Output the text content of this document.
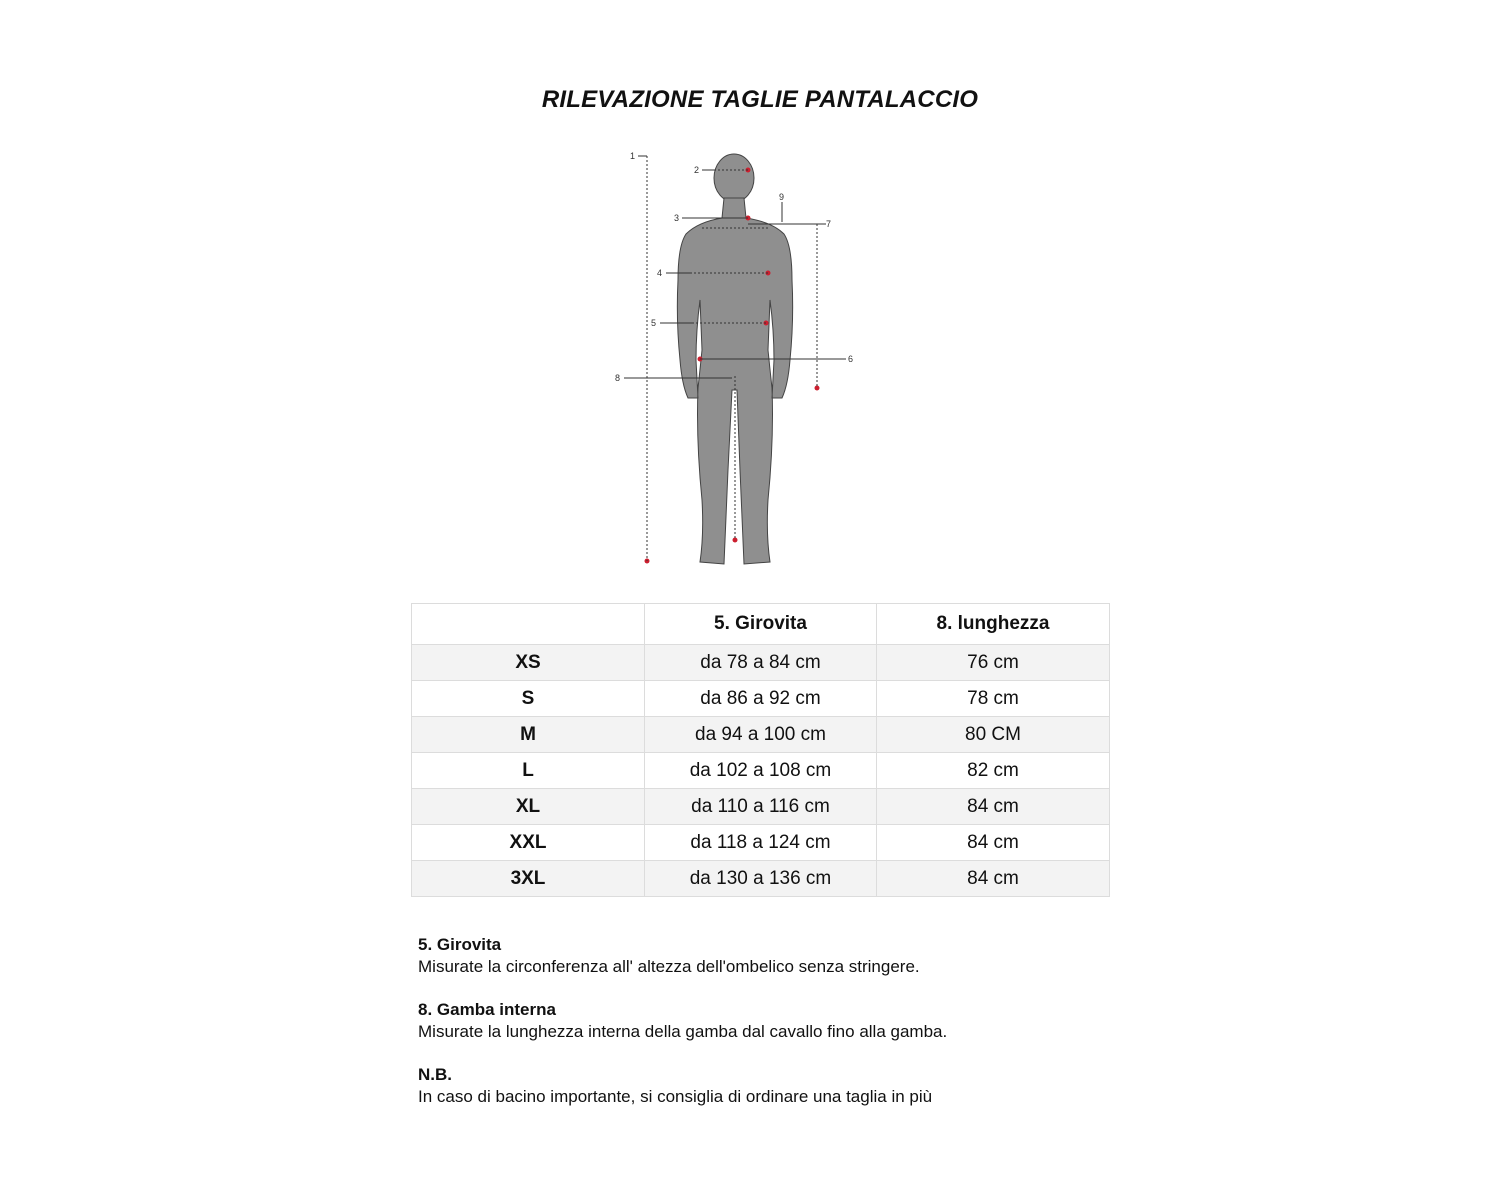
RILEVAZIONE TAGLIE PANTALACCIO
1
2
3
4
5
6
7
8
9
	5. Girovita	8. lunghezza
XS	da 78 a 84 cm	76 cm
S	da 86 a 92 cm	78 cm
M	da 94 a 100 cm	80 CM
L	da 102 a 108 cm	82 cm
XL	da 110 a 116 cm	84 cm
XXL	da 118 a 124 cm	84 cm
3XL	da 130 a 136 cm	84 cm
5. Girovita
Misurate la circonferenza all' altezza dell'ombelico senza stringere.
8. Gamba interna
Misurate la lunghezza interna della gamba dal cavallo fino alla gamba.
N.B.
In caso di bacino importante, si consiglia di ordinare una taglia in più
